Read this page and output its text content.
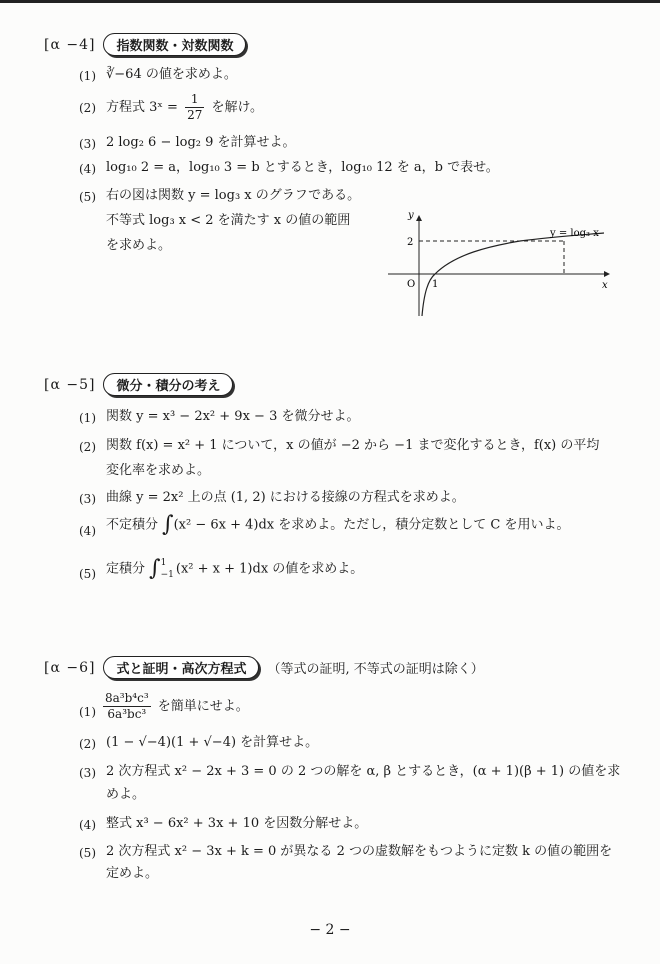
[α −4]	指数関数・対数関数
(1) ∛−64 の値を求めよ。
(2) 方程式 3ˣ = $\frac{1}{27}$ を解け。
(3) 2 log₂ 6 − log₂ 9 を計算せよ。
(4) log₁₀ 2 = a，log₁₀ 3 = b とするとき，log₁₀ 12 を a，b で表せ。
(5) 右の図は関数 y = log₃ x のグラフである。
不等式 log₃ x < 2 を満たす x の値の範囲
を求めよ。
y
x
O 1
2
y = log₃ x
[α −5]	微分・積分の考え
(1) 関数 y = x³ − 2x² + 9x − 3 を微分せよ。
(2) 関数 f(x) = x² + 1 について，x の値が −2 から −1 まで変化するとき，f(x) の平均
変化率を求めよ。
(3) 曲線 y = 2x² 上の点 (1, 2) における接線の方程式を求めよ。
(4) 不定積分 ∫(x² − 6x + 4)dx を求めよ。ただし，積分定数として C を用いよ。
(5) 定積分 ∫ 1
−1 (x² + x + 1)dx の値を求めよ。
[α −6]	式と証明・高次方程式	（等式の証明, 不等式の証明は除く）
$(1) \frac{\text{8a³b⁴c³}}{\text{6a³bc³}}$ を簡単にせよ。
(2) (1 − √−4)(1 + √−4) を計算せよ。
(3) 2 次方程式 x² − 2x + 3 = 0 の 2 つの解を α, β とするとき，(α + 1)(β + 1) の値を求
めよ。
(4) 整式 x³ − 6x² + 3x + 10 を因数分解せよ。
(5) 2 次方程式 x² − 3x + k = 0 が異なる 2 つの虚数解をもつように定数 k の値の範囲を
定めよ。
− 2 −
